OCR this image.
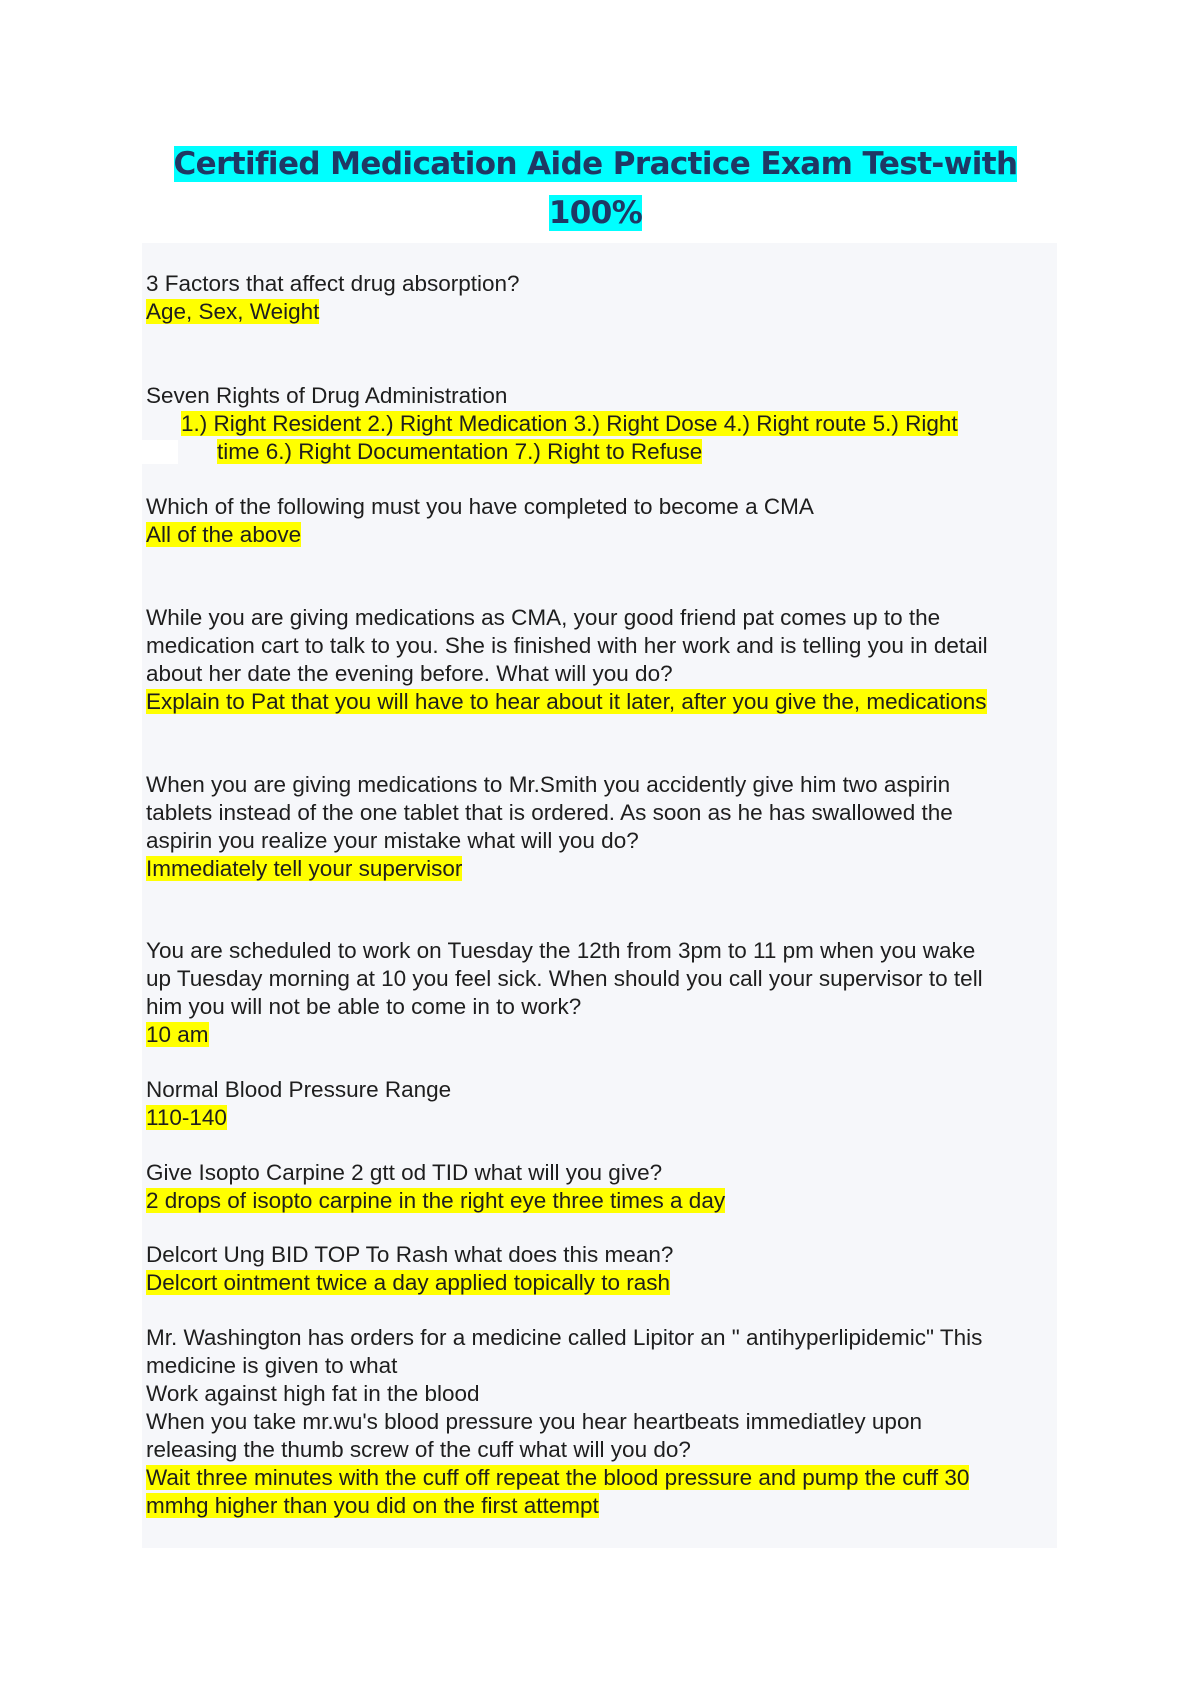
Certified Medication Aide Practice Exam Test-with 100%

3 Factors that affect drug absorption?

Age, Sex, Weight

Seven Rights of Drug Administration

1.) Right Resident 2.) Right Medication 3.) Right Dose 4.) Right route 5.) Right
time 6.) Right Documentation 7.) Right to Refuse

Which of the following must you have completed to become a CMA

All of the above

While you are giving medications as CMA, your good friend pat comes up to the

medication cart to talk to you. She is finished with her work and is telling you in detail

about her date the evening before. What will you do?

Explain to Pat that you will have to hear about it later, after you give the, medications

When you are giving medications to Mr.Smith you accidently give him two aspirin

tablets instead of the one tablet that is ordered. As soon as he has swallowed the

aspirin you realize your mistake what will you do?

Immediately tell your supervisor

You are scheduled to work on Tuesday the 12th from 3pm to 11 pm when you wake

up Tuesday morning at 10 you feel sick. When should you call your supervisor to tell

him you will not be able to come in to work?

10 am

Normal Blood Pressure Range

110-140

Give Isopto Carpine 2 gtt od TID what will you give?

2 drops of isopto carpine in the right eye three times a day

Delcort Ung BID TOP To Rash what does this mean?

Delcort ointment twice a day applied topically to rash

Mr. Washington has orders for a medicine called Lipitor an " antihyperlipidemic" This

medicine is given to what

Work against high fat in the blood

When you take mr.wu's blood pressure you hear heartbeats immediatley upon

releasing the thumb screw of the cuff what will you do?

Wait three minutes with the cuff off repeat the blood pressure and pump the cuff 30

mmhg higher than you did on the first attempt
